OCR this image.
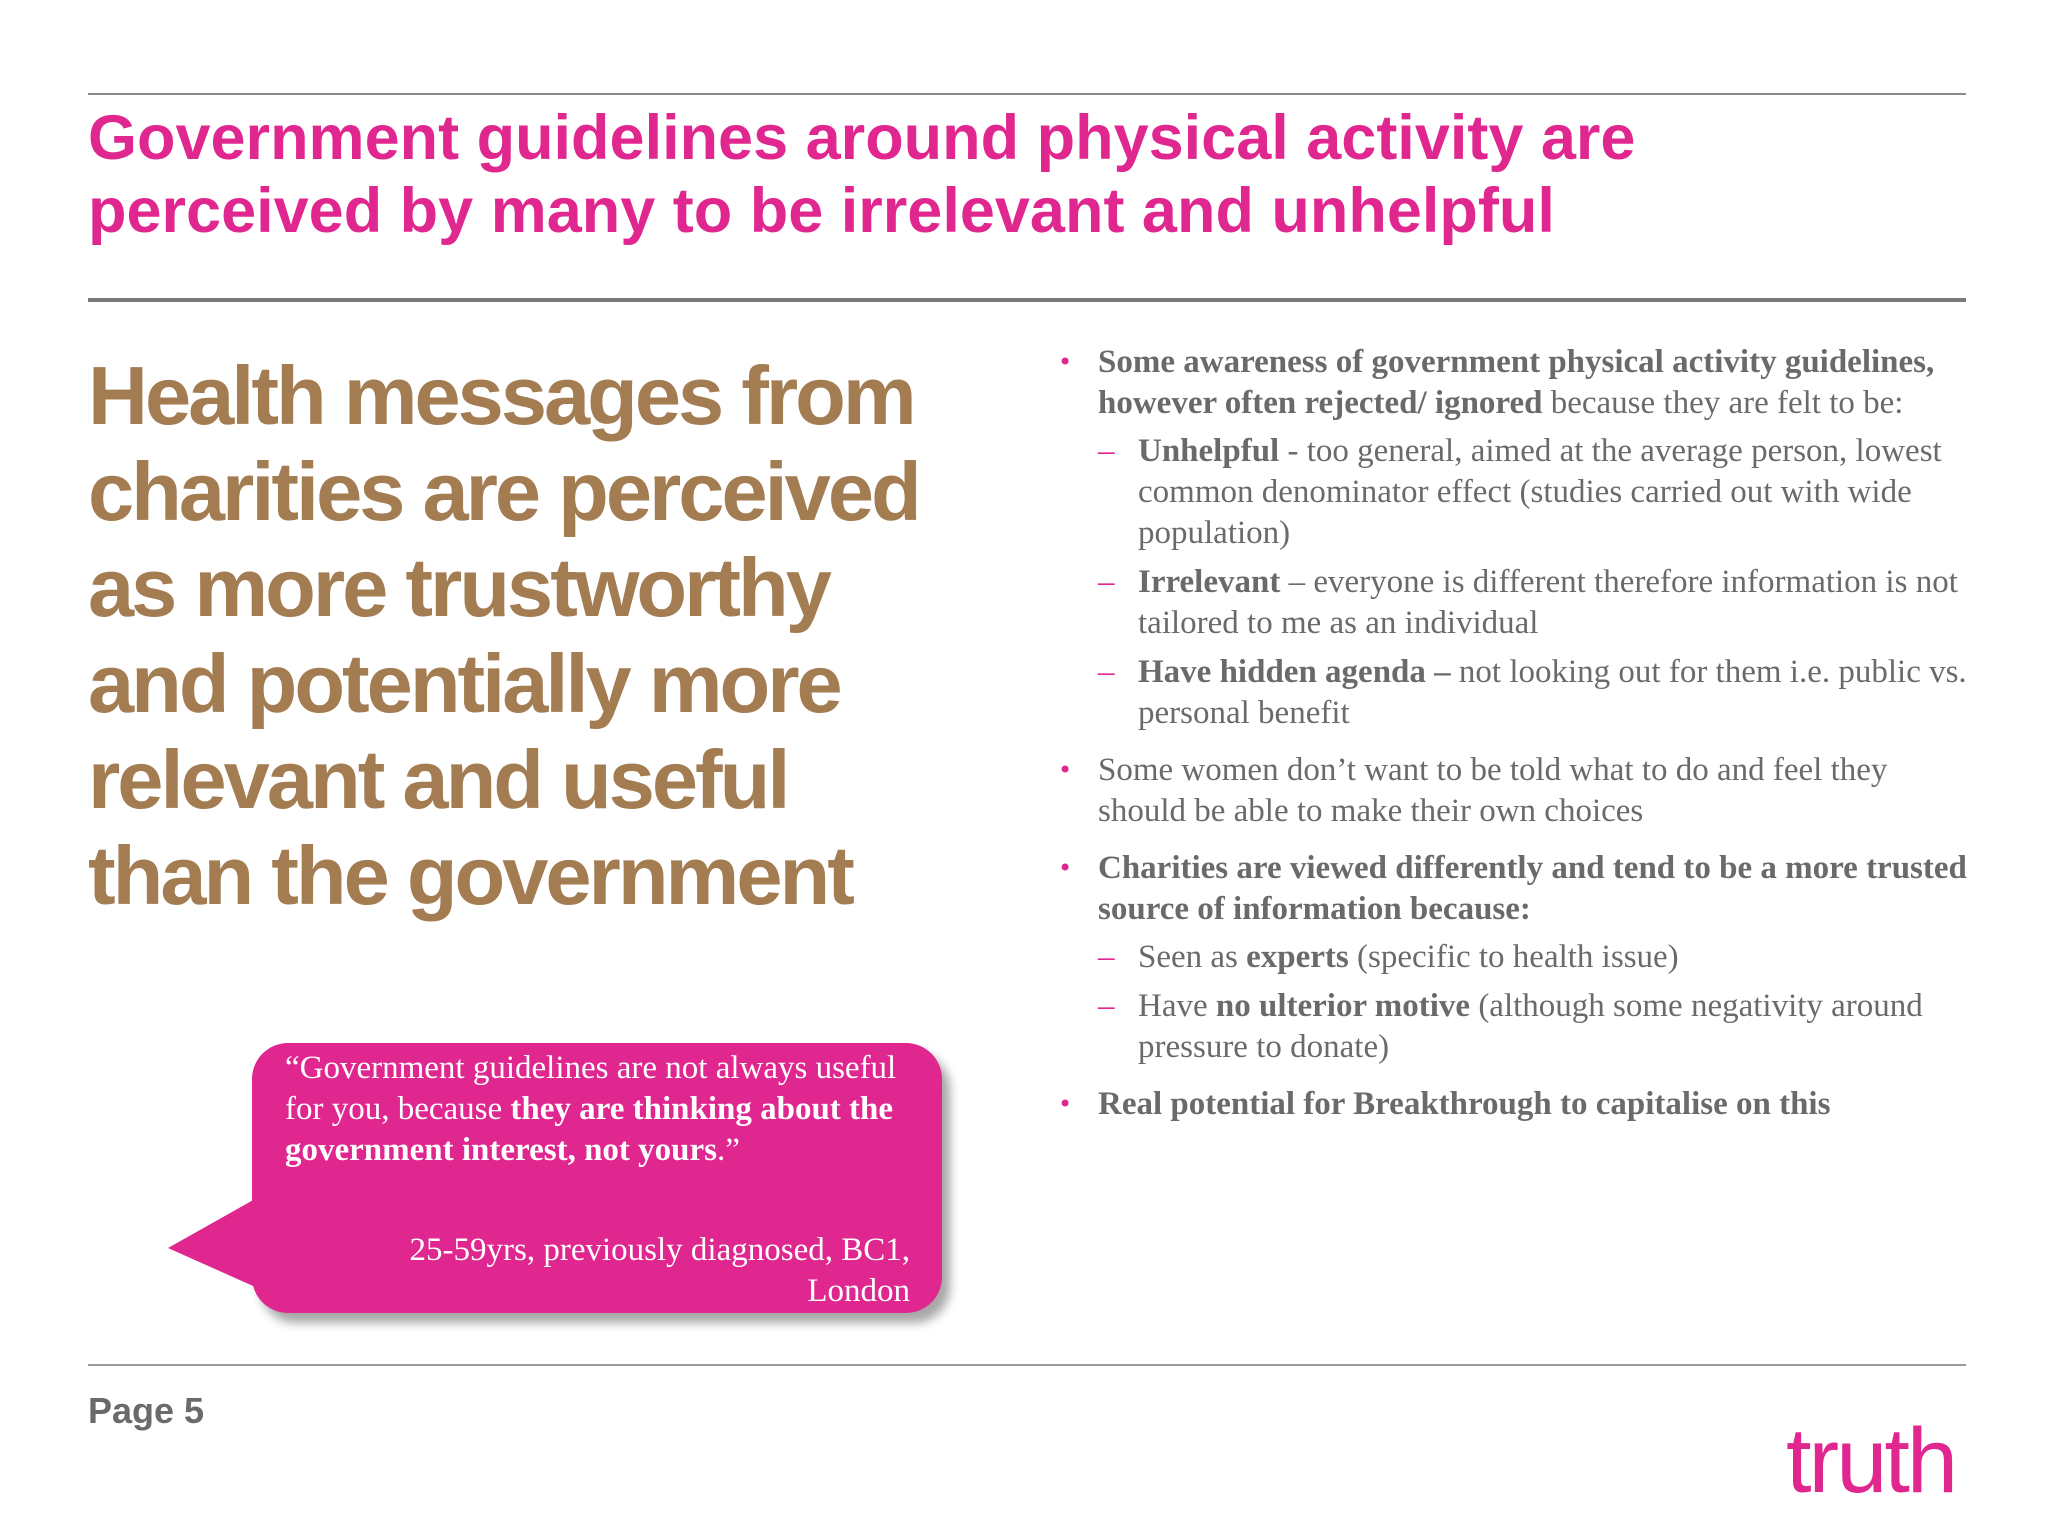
Government guidelines around physical activity are
perceived by many to be irrelevant and unhelpful
Health messages from
charities are perceived
as more trustworthy
and potentially more
relevant and useful
than the government

“Government guidelines are not always useful for you, because they are thinking about the government interest, not yours.”

25-59yrs, previously diagnosed, BC1,
London

• Some awareness of government physical activity guidelines, however often rejected/ ignored because they are felt to be:
– Unhelpful - too general, aimed at the average person, lowest common denominator effect (studies carried out with wide population)
– Irrelevant – everyone is different therefore information is not tailored to me as an individual
– Have hidden agenda – not looking out for them i.e. public vs. personal benefit
• Some women don’t want to be told what to do and feel they should be able to make their own choices
• Charities are viewed differently and tend to be a more trusted source of information because:
– Seen as experts (specific to health issue)
– Have no ulterior motive (although some negativity around pressure to donate)
• Real potential for Breakthrough to capitalise on this

Page 5	truth
